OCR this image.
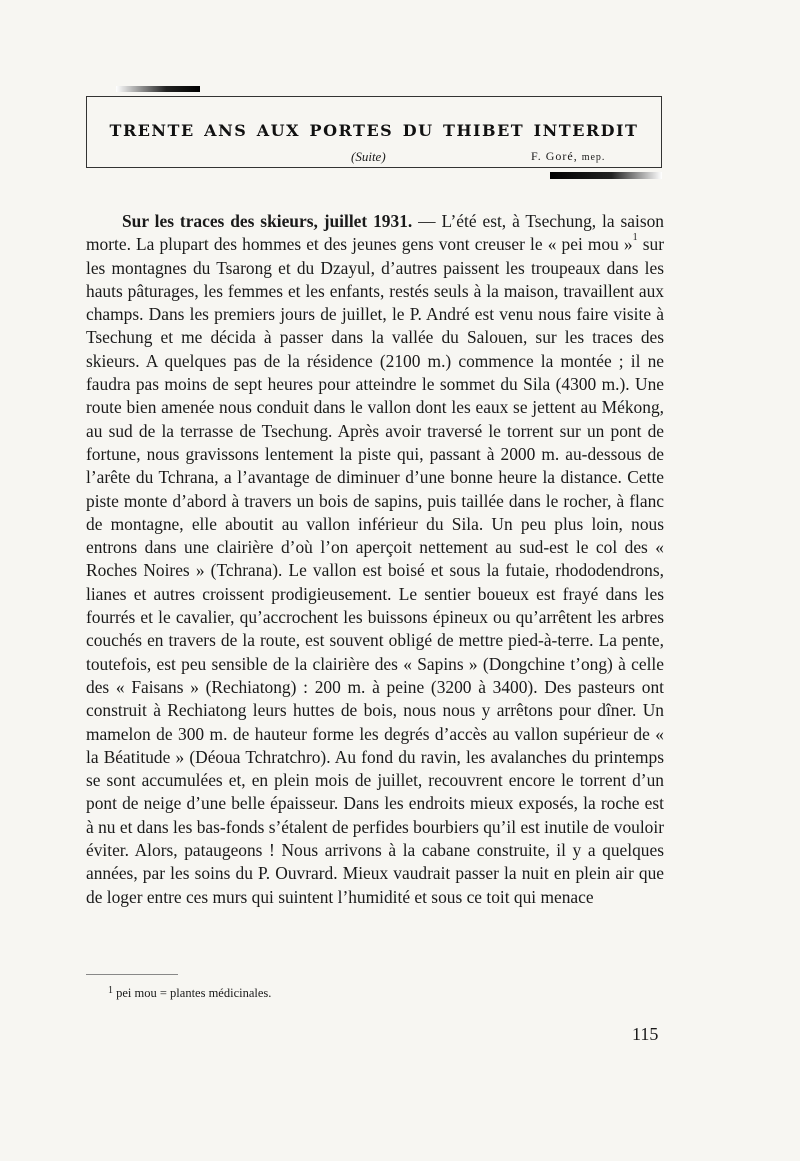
trente ans aux portes du thibet interdit
(Suite)	F. Goré, mep.

Sur les traces des skieurs, juillet 1931. — L’été est, à Tsechung, la saison morte. La plupart des hommes et des jeunes gens vont creuser le « pei mou »$^1$ sur les montagnes du Tsarong et du Dzayul, d’autres paissent les troupeaux dans les hauts pâturages, les femmes et les enfants, restés seuls à la maison, travaillent aux champs. Dans les premiers jours de juillet, le P. André est venu nous faire visite à Tsechung et me décida à passer dans la vallée du Salouen, sur les traces des skieurs. A quelques pas de la résidence (2100 m.) commence la montée ; il ne faudra pas moins de sept heures pour atteindre le sommet du Sila (4300 m.). Une route bien amenée nous conduit dans le vallon dont les eaux se jettent au Mékong, au sud de la terrasse de Tsechung. Après avoir traversé le torrent sur un pont de fortune, nous gravissons lentement la piste qui, passant à 2000 m. au-dessous de l’arête du Tchrana, a l’avantage de diminuer d’une bonne heure la distance. Cette piste monte d’abord à travers un bois de sapins, puis taillée dans le rocher, à flanc de montagne, elle aboutit au vallon inférieur du Sila. Un peu plus loin, nous entrons dans une clairière d’où l’on aperçoit nettement au sud-est le col des « Roches Noires » (Tchrana). Le vallon est boisé et sous la futaie, rhododendrons, lianes et autres croissent prodigieusement. Le sentier boueux est frayé dans les fourrés et le cavalier, qu’accrochent les buissons épineux ou qu’arrêtent les arbres couchés en travers de la route, est souvent obligé de mettre pied-à-terre. La pente, toutefois, est peu sensible de la clairière des « Sapins » (Dongchine t’ong) à celle des « Faisans » (Rechiatong) : 200 m. à peine (3200 à 3400). Des pasteurs ont construit à Rechiatong leurs huttes de bois, nous nous y arrêtons pour dîner. Un mamelon de 300 m. de hauteur forme les degrés d’accès au vallon supérieur de « la Béatitude » (Déoua Tchratchro). Au fond du ravin, les avalanches du printemps se sont accumulées et, en plein mois de juillet, recouvrent encore le torrent d’un pont de neige d’une belle épaisseur. Dans les endroits mieux exposés, la roche est à nu et dans les bas-fonds s’étalent de perfides bourbiers qu’il est inutile de vouloir éviter. Alors, pataugeons ! Nous arrivons à la cabane construite, il y a quelques années, par les soins du P. Ouvrard. Mieux vaudrait passer la nuit en plein air que de loger entre ces murs qui suintent l’humidité et sous ce toit qui menace

$^1$ pei mou = plantes médicinales.
115
